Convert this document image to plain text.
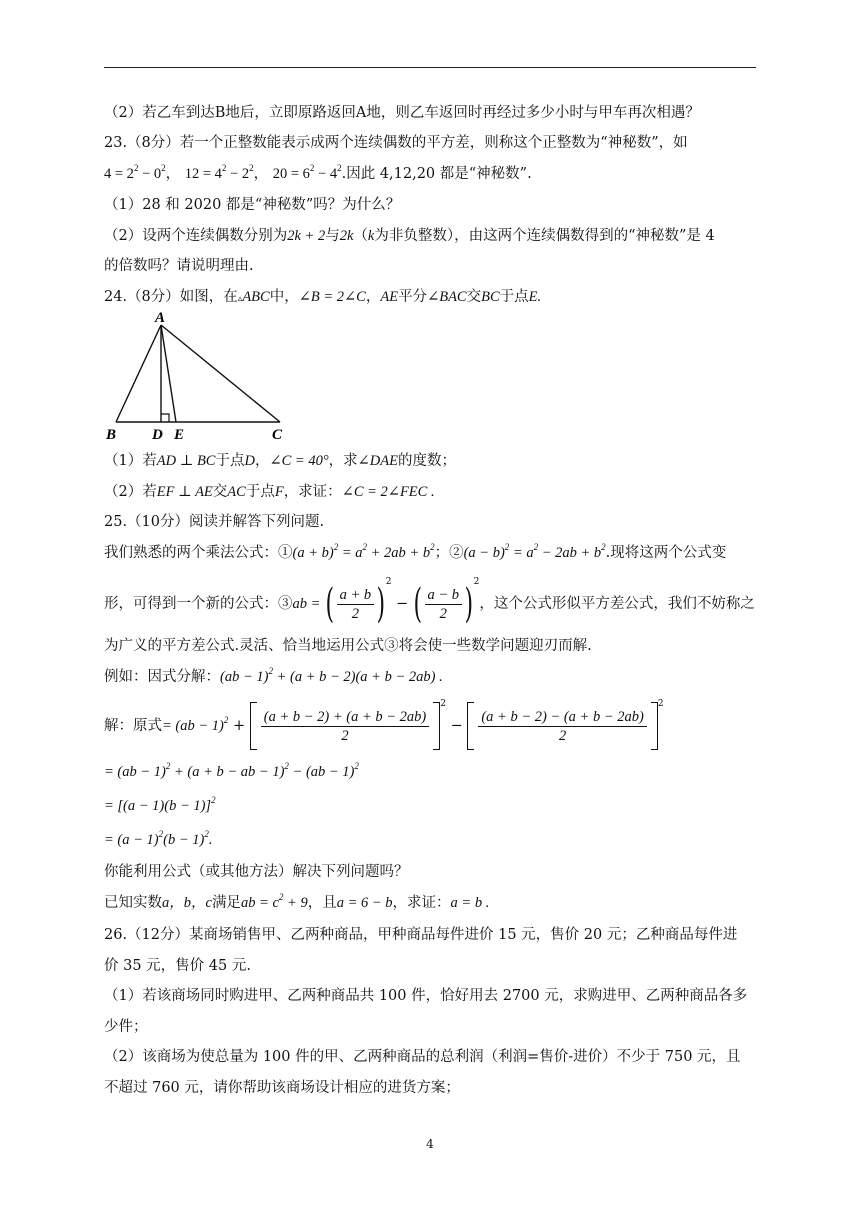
（2）若乙车到达B地后，立即原路返回A地，则乙车返回时再经过多少小时与甲车再次相遇？
23.（8分）若一个正整数能表示成两个连续偶数的平方差，则称这个正整数为“神秘数”，如
$4 = 2^2 - 0^2$， $12 = 4^2 - 2^2$， $20 = 6^2 - 4^2$.因此 4,12,20 都是“神秘数”.
（1）28 和 2020 都是“神秘数”吗？为什么？
（2）设两个连续偶数分别为2k + 2与2k（k为非负整数），由这两个连续偶数得到的“神秘数”是 4
的倍数吗？请说明理由.
24.（8分）如图，在▵ABC中，∠B = 2∠C，AE平分∠BAC交BC于点E.
A
B D E	C
（1）若AD ⊥ BC于点D，∠C = 40°，求∠DAE的度数；
（2）若EF ⊥ AE交AC于点F，求证：∠C = 2∠FEC .
25.（10分）阅读并解答下列问题.
我们熟悉的两个乘法公式：①(a + $b)^2 = a^2 + 2ab + b^2$；②(a − $b)^2 = a^2 - 2ab + b^2$.现将这两个公式变
形，可得到一个新的公式：③ab = ( $\frac{a + b}{2} )^2$ − ( $\frac{a - b}{2} )^2$，这个公式形似平方差公式，我们不妨称之
为广义的平方差公式.灵活、恰当地运用公式③将会使一些数学问题迎刃而解.
例如：因式分解：(ab − 1)$^2$ + (a + b − 2)(a + b − 2ab) .
解：原式= $(ab - 1)^2 + \frac{(a + b - 2) + (a + b - 2ab)}{2}$
$^2 - \frac{(a + b - 2) - (a + b - 2ab)}{2}$
$^2$
= (ab − 1)$^2$ + (a + b − ab − 1)$^2$ − (ab − 1)$^2$
= $[(a - 1)(b - 1)]^2$
= $(a - 1)^2(b - 1)^2$.
你能利用公式（或其他方法）解决下列问题吗？
已知实数a，b，c满足ab = $c^2 + 9$，且a = 6 − b，求证：a = b .
26.（12分）某商场销售甲、乙两种商品，甲种商品每件进价 15 元，售价 20 元；乙种商品每件进
价 35 元，售价 45 元.
（1）若该商场同时购进甲、乙两种商品共 100 件，恰好用去 2700 元，求购进甲、乙两种商品各多
少件；
（2）该商场为使总量为 100 件的甲、乙两种商品的总利润（利润=售价-进价）不少于 750 元，且
不超过 760 元，请你帮助该商场设计相应的进货方案；
4
